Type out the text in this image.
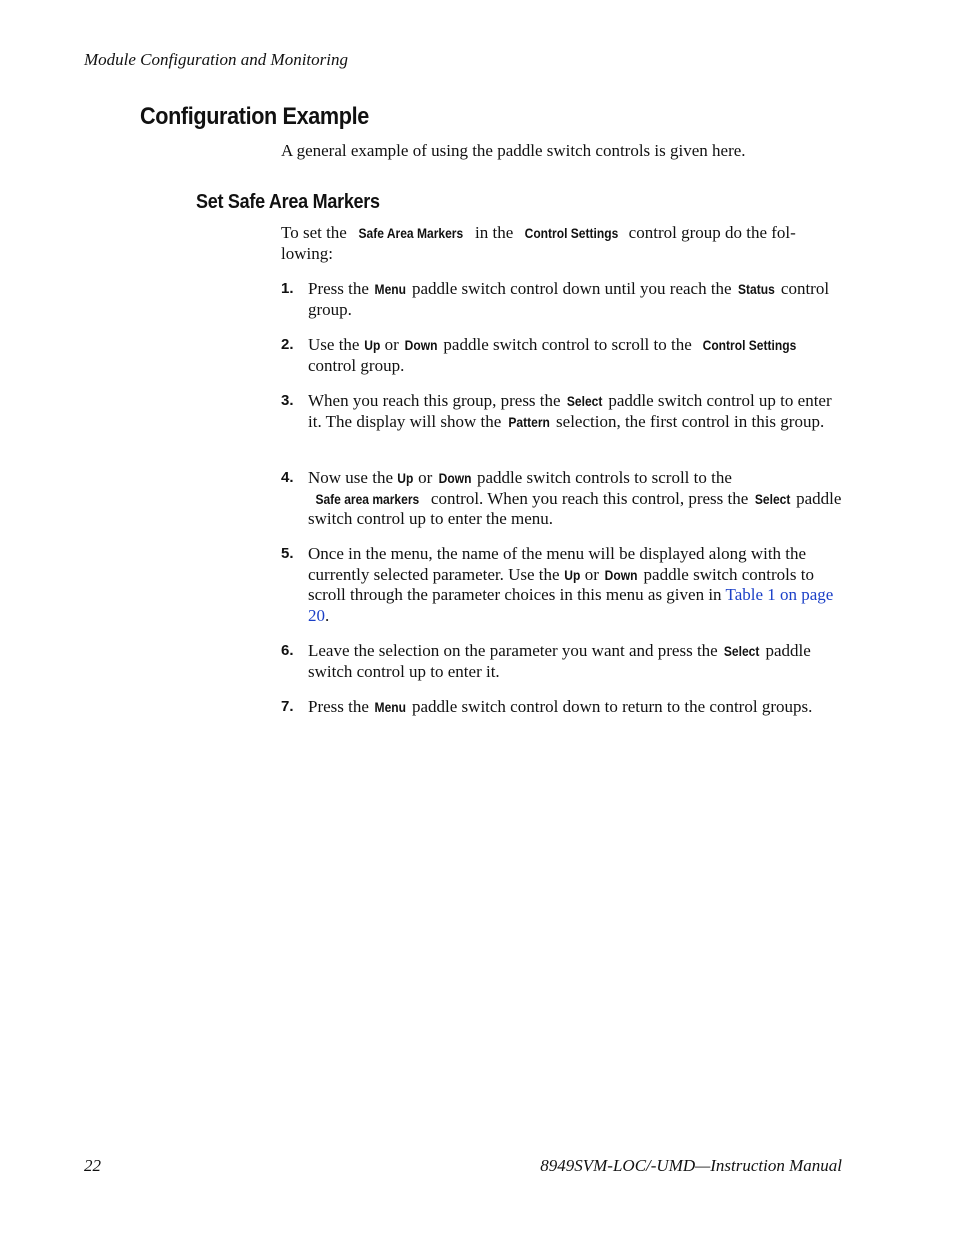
Module Configuration and Monitoring
Configuration Example
A general example of using the paddle switch controls is given here.
Set Safe Area Markers
To set the Safe Area Markers in the Control Settings control group do the fol-lowing:
1. Press the Menu paddle switch control down until you reach the Status control group.
2. Use the Up or Down paddle switch control to scroll to the Control Settings control group.
3. When you reach this group, press the Select paddle switch control up to enter it. The display will show the Pattern selection, the first control in this group.
4. Now use the Up or Down paddle switch controls to scroll to the Safe area markers control. When you reach this control, press the Select paddle switch control up to enter the menu.
5. Once in the menu, the name of the menu will be displayed along with the currently selected parameter. Use the Up or Down paddle switch controls to scroll through the parameter choices in this menu as given in Table 1 on page 20.
6. Leave the selection on the parameter you want and press the Select paddle switch control up to enter it.
7. Press the Menu paddle switch control down to return to the control groups.
22	8949SVM-LOC/-UMD—Instruction Manual
